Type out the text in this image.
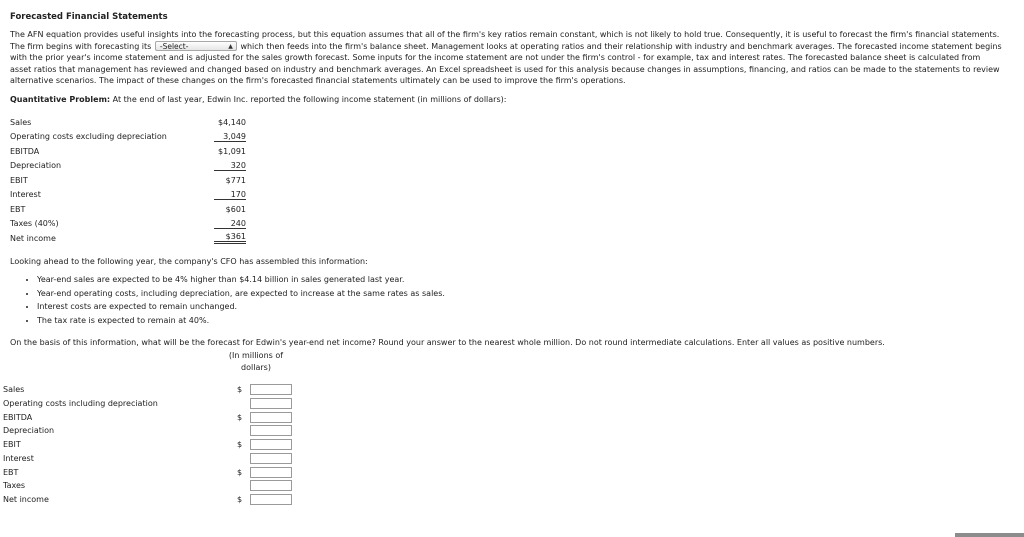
Forecasted Financial Statements
The AFN equation provides useful insights into the forecasting process, but this equation assumes that all of the firm's key ratios remain constant, which is not likely to hold true. Consequently, it is useful to forecast the firm's financial statements. The firm begins with forecasting its -Select-	▲︎ which then feeds into the firm's balance sheet. Management looks at operating ratios and their relationship with industry and benchmark averages. The forecasted income statement begins with the prior year's income statement and is adjusted for the sales growth forecast. Some inputs for the income statement are not under the firm's control - for example, tax and interest rates. The forecasted balance sheet is calculated from asset ratios that management has reviewed and changed based on industry and benchmark averages. An Excel spreadsheet is used for this analysis because changes in assumptions, financing, and ratios can be made to the statements to review alternative scenarios. The impact of these changes on the firm's forecasted financial statements ultimately can be used to improve the firm's operations.
Quantitative Problem: At the end of last year, Edwin Inc. reported the following income statement (in millions of dollars):
Sales	$4,140
Operating costs excluding depreciation	3,049
EBITDA	$1,091
Depreciation	320
EBIT	$771
Interest	170
EBT	$601
Taxes (40%)	240
Net income	$361
Looking ahead to the following year, the company's CFO has assembled this information:
• Year-end sales are expected to be 4% higher than $4.14 billion in sales generated last year.
• Year-end operating costs, including depreciation, are expected to increase at the same rates as sales.
• Interest costs are expected to remain unchanged.
• The tax rate is expected to remain at 40%.
On the basis of this information, what will be the forecast for Edwin's year-end net income? Round your answer to the nearest whole million. Do not round intermediate calculations. Enter all values as positive numbers.
(In millions of
dollars)
Sales	$
Operating costs including depreciation
EBITDA	$
Depreciation
EBIT	$
Interest
EBT	$
Taxes
Net income	$
